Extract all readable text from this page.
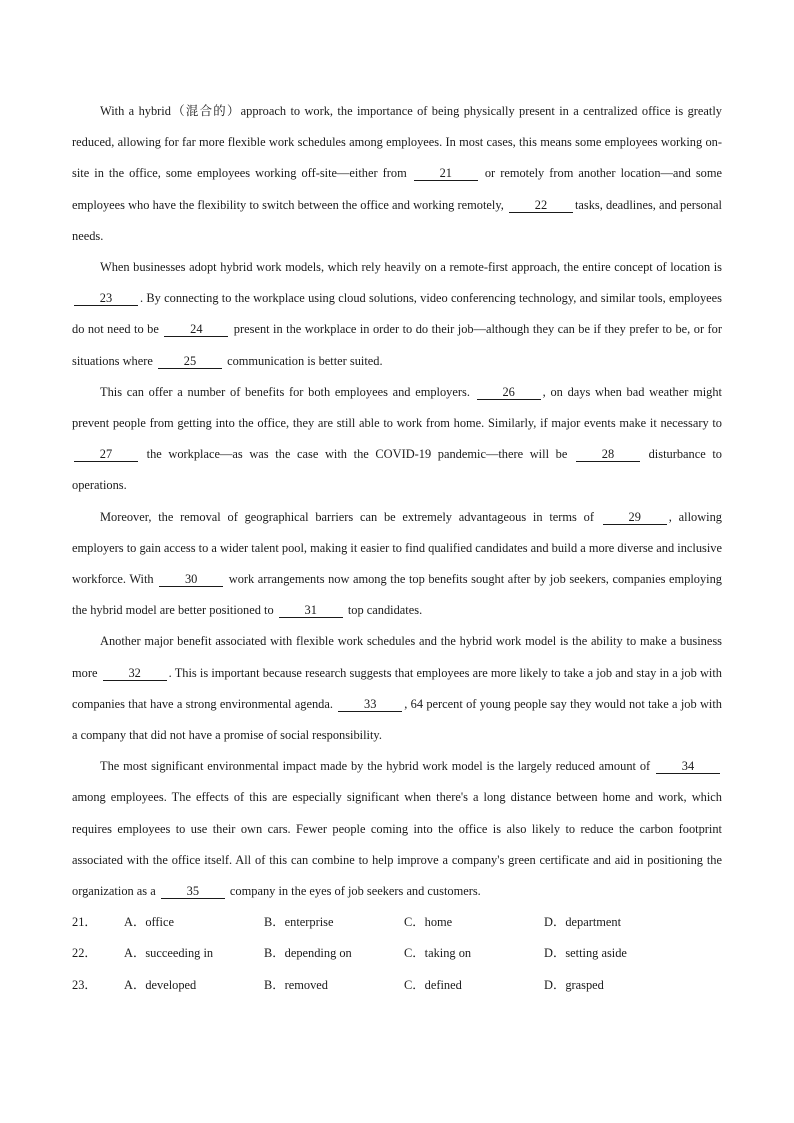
With a hybrid（混合的）approach to work, the importance of being physically present in a centralized office is greatly reduced, allowing for far more flexible work schedules among employees. In most cases, this means some employees working on-site in the office, some employees working off-site—either from 21 or remotely from another location—and some employees who have the flexibility to switch between the office and working remotely, 22 tasks, deadlines, and personal needs.

When businesses adopt hybrid work models, which rely heavily on a remote-first approach, the entire concept of location is 23 . By connecting to the workplace using cloud solutions, video conferencing technology, and similar tools, employees do not need to be 24 present in the workplace in order to do their job—although they can be if they prefer to be, or for situations where 25 communication is better suited.

This can offer a number of benefits for both employees and employers. 26 , on days when bad weather might prevent people from getting into the office, they are still able to work from home. Similarly, if major events make it necessary to 27 the workplace—as was the case with the COVID-19 pandemic—there will be 28 disturbance to operations.

Moreover, the removal of geographical barriers can be extremely advantageous in terms of 29 , allowing employers to gain access to a wider talent pool, making it easier to find qualified candidates and build a more diverse and inclusive workforce. With 30 work arrangements now among the top benefits sought after by job seekers, companies employing the hybrid model are better positioned to 31 top candidates.

Another major benefit associated with flexible work schedules and the hybrid work model is the ability to make a business more 32 . This is important because research suggests that employees are more likely to take a job and stay in a job with companies that have a strong environmental agenda. 33 , 64 percent of young people say they would not take a job with a company that did not have a promise of social responsibility.

The most significant environmental impact made by the hybrid work model is the largely reduced amount of 34 among employees. The effects of this are especially significant when there's a long distance between home and work, which requires employees to use their own cars. Fewer people coming into the office is also likely to reduce the carbon footprint associated with the office itself. All of this can combine to help improve a company's green certificate and aid in positioning the organization as a 35 company in the eyes of job seekers and customers.

21．	A．office	B．enterprise	C．home	D．department
22．	A．succeeding in	B．depending on	C．taking on	D．setting aside
23．	A．developed	B．removed	C．defined	D．grasped
